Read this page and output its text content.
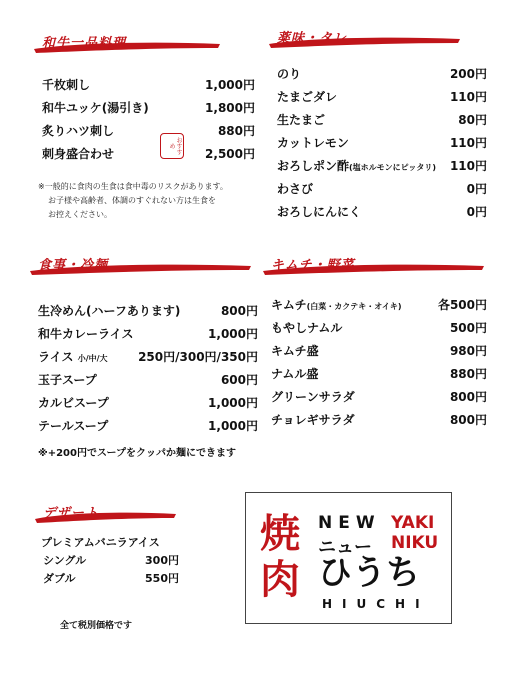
和牛一品料理
千枚刺し	1,000円
和牛ユッケ(湯引き)	1,800円
炙りハツ刺し	880円
刺身盛合わせ	2,500円
おすすめ
※一般的に食肉の生食は食中毒のリスクがあります。
お子様や高齢者、体調のすぐれない方は生食を
お控えください。
薬味・タレ
のり	200円
たまごダレ	110円
生たまご	80円
カットレモン	110円
おろしポン酢(塩ホルモンにピッタリ) 110円
わさび	0円
おろしにんにく	0円
食事・冷麺
生冷めん(ハーフあります)	800円
和牛カレーライス	1,000円
ライス 小/中/大	250円/300円/350円
玉子スープ	600円
カルビスープ	1,000円
テールスープ	1,000円
※+200円でスープをクッパか麺にできます
キムチ・野菜
キムチ(白菜・カクテキ・オイキ)	各500円
もやしナムル	500円
キムチ盛	980円
ナムル盛	880円
グリーンサラダ	800円
チョレギサラダ	800円
デザート
プレミアムバニラアイス
シングル	300円
ダブル	550円
全て税別価格です
焼肉
NEW YAKI
ニュー NIKU
ひうち
HIUCHI
